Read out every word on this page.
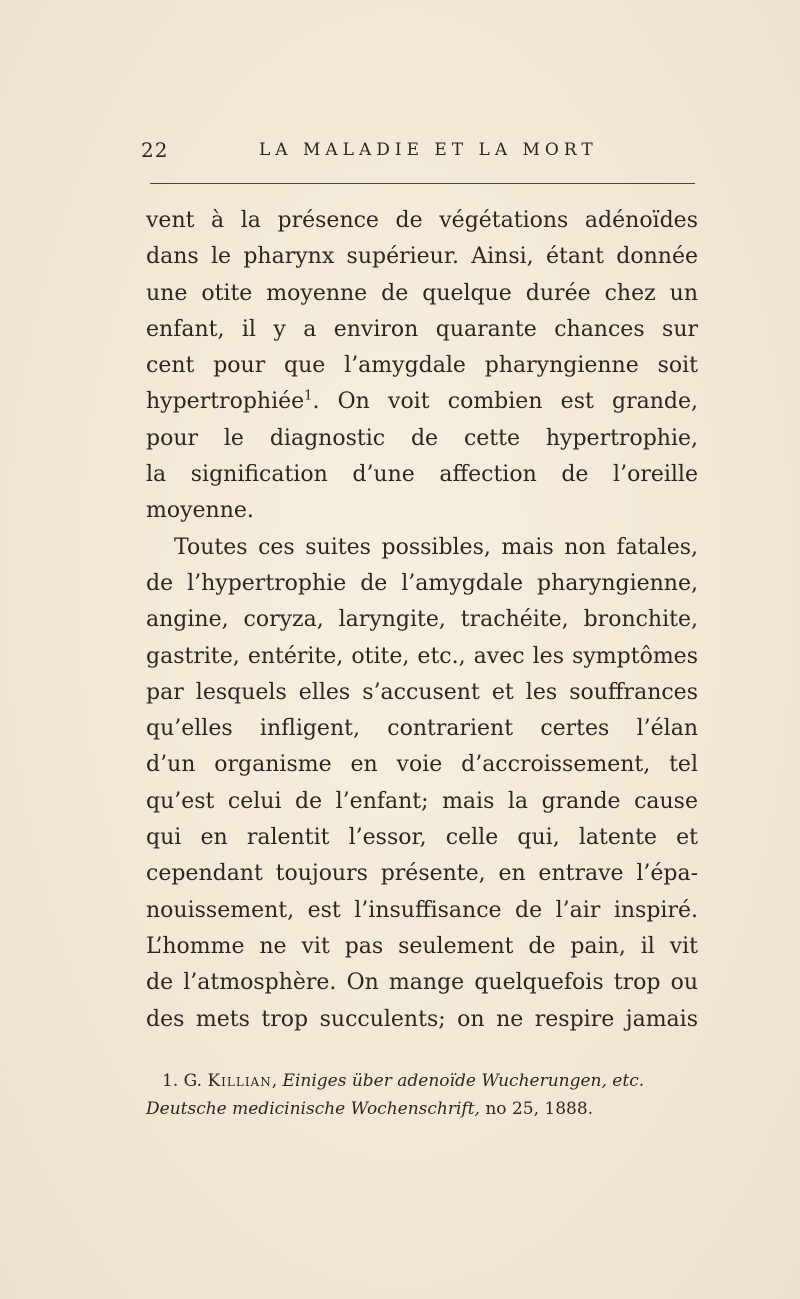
22	LA MALADIE ET LA MORT
vent à la présence de végétations adénoïdes
dans le pharynx supérieur. Ainsi, étant donnée
une otite moyenne de quelque durée chez un
enfant, il y a environ quarante chances sur
cent pour que l’amygdale pharyngienne soit
hypertrophiée$^1$. On voit combien est grande,
pour le diagnostic de cette hypertrophie,
la signification d’une affection de l’oreille
moyenne.
Toutes ces suites possibles, mais non fatales,
de l’hypertrophie de l’amygdale pharyngienne,
angine, coryza, laryngite, trachéite, bronchite,
gastrite, entérite, otite, etc., avec les symptômes
par lesquels elles s’accusent et les souffrances
qu’elles infligent, contrarient certes l’élan
d’un organisme en voie d’accroissement, tel
qu’est celui de l’enfant; mais la grande cause
qui en ralentit l’essor, celle qui, latente et
cependant toujours présente, en entrave l’épa-
nouissement, est l’insuffisance de l’air inspiré.
L’homme ne vit pas seulement de pain, il vit
de l’atmosphère. On mange quelquefois trop ou
des mets trop succulents; on ne respire jamais
1. G. Killian, Einiges über adenoïde Wucherungen, etc.
Deutsche medicinische Wochenschrift, no 25, 1888.
